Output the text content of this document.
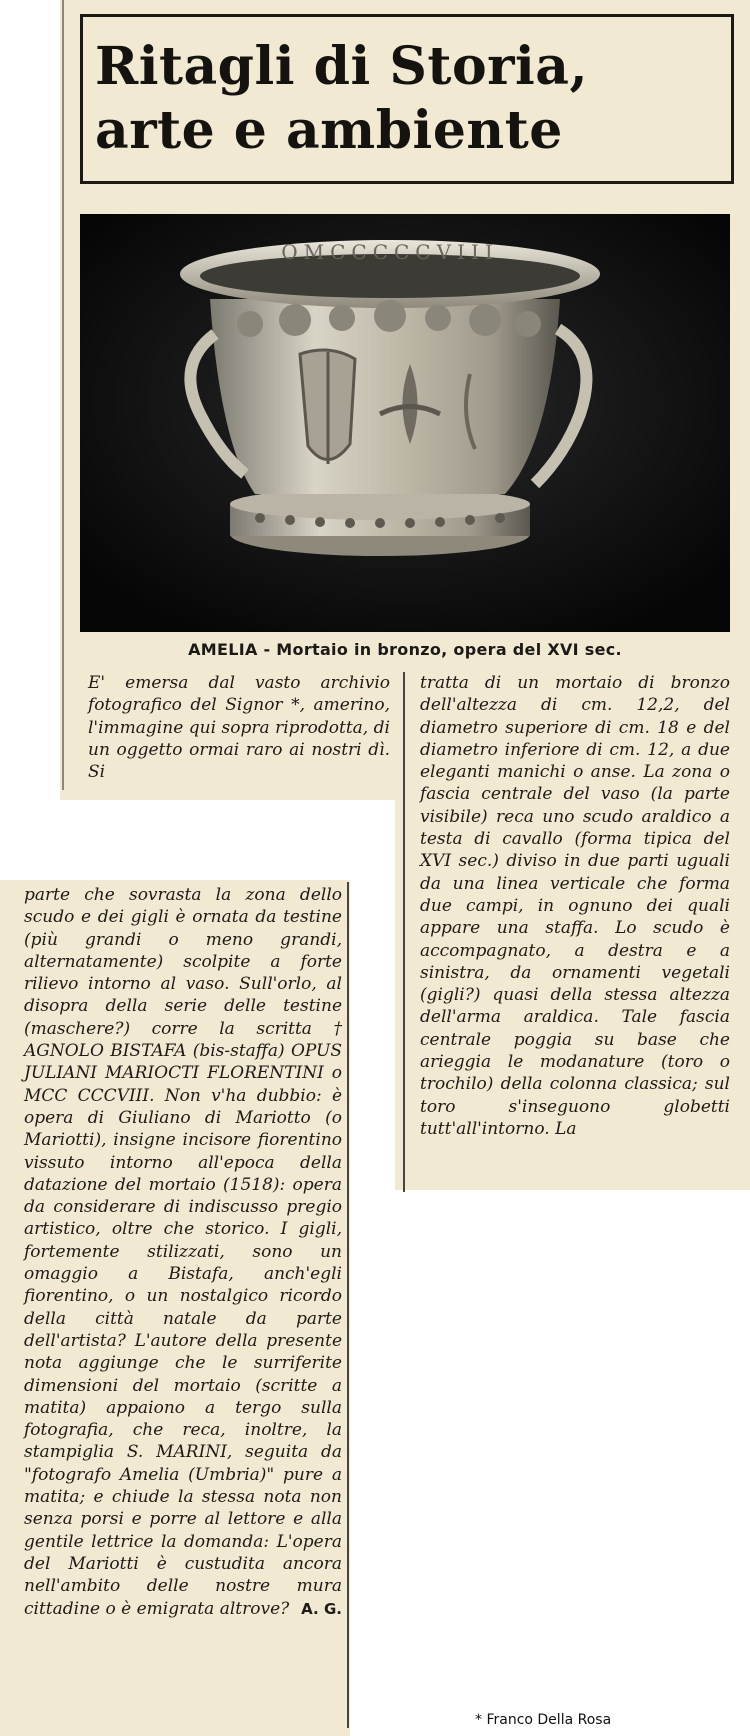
Ritagli di Storia,
arte e ambiente
OMCCCCCVIII
AMELIA - Mortaio in bronzo, opera del XVI sec.
E' emersa dal vasto archivio fotografico del Signor *, amerino, l'immagine qui sopra riprodotta, di un oggetto ormai raro ai nostri dì. Si
tratta di un mortaio di bronzo dell'altezza di cm. 12,2, del diametro superiore di cm. 18 e del diametro inferiore di cm. 12, a due eleganti manichi o anse. La zona o fascia centrale del vaso (la parte visibile) reca uno scudo araldico a testa di cavallo (forma tipica del XVI sec.) diviso in due parti uguali da una linea verticale che forma due campi, in ognuno dei quali appare una staffa. Lo scudo è accompagnato, a destra e a sinistra, da ornamenti vegetali (gigli?) quasi della stessa altezza dell'arma araldica. Tale fascia centrale poggia su base che arieggia le modanature (toro o trochilo) della colonna classica; sul toro s'inseguono globetti tutt'all'intorno. La
parte che sovrasta la zona dello scudo e dei gigli è ornata da testine (più grandi o meno grandi, alternatamente) scolpite a forte rilievo intorno al vaso. Sull'orlo, al disopra della serie delle testine (maschere?) corre la scritta † AGNOLO BISTAFA (bis-staffa) OPUS JULIANI MARIOCTI FLORENTINI o MCC CCCVIII. Non v'ha dubbio: è opera di Giuliano di Mariotto (o Mariotti), insigne incisore fiorentino vissuto intorno all'epoca della datazione del mortaio (1518): opera da considerare di indiscusso pregio artistico, oltre che storico. I gigli, fortemente stilizzati, sono un omaggio a Bistafa, anch'egli fiorentino, o un nostalgico ricordo della città natale da parte dell'artista? L'autore della presente nota aggiunge che le surriferite dimensioni del mortaio (scritte a matita) appaiono a tergo sulla fotografia, che reca, inoltre, la stampiglia S. MARINI, seguita da "fotografo Amelia (Umbria)" pure a matita; e chiude la stessa nota non senza porsi e porre al lettore e alla gentile lettrice la domanda: L'opera del Mariotti è custudita ancora nell'ambito delle nostre mura cittadine o è emigrata altrove? A. G.
* Franco Della Rosa
